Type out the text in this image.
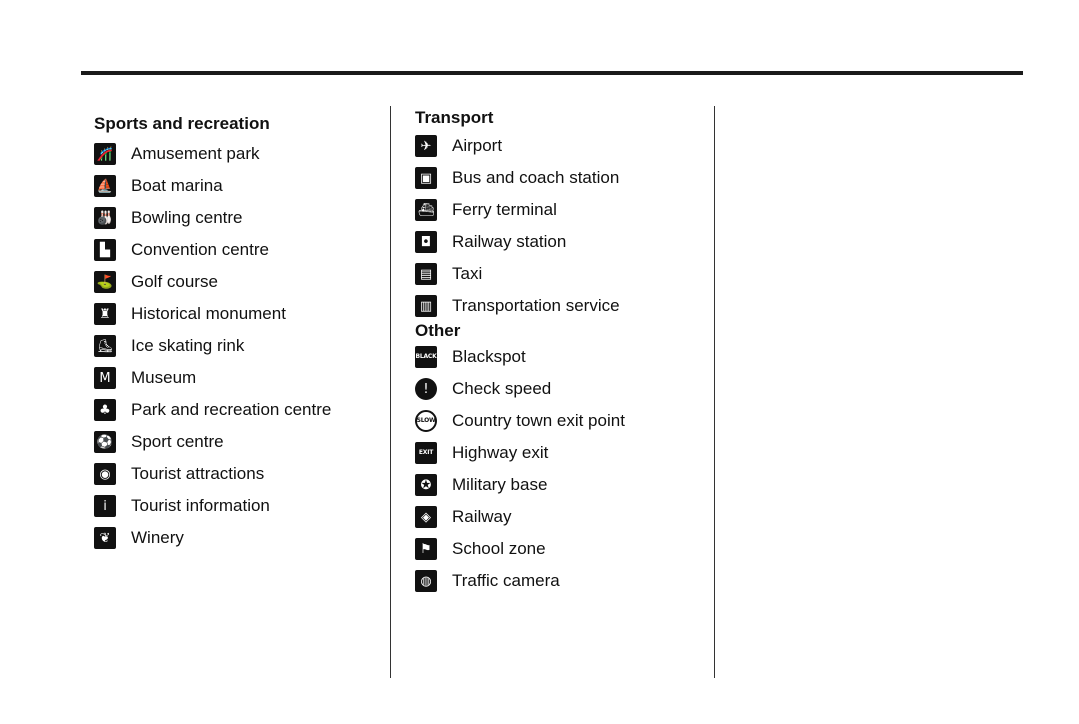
Sports and recreation
🎢 Amusement park
⛵ Boat marina
🎳 Bowling centre
▙	Convention centre
⛳ Golf course
♜	Historical monument
⛸ Ice skating rink
M	Museum
♣	Park and recreation centre
⚽ Sport centre
◉	Tourist attractions
i	Tourist information
❦	Winery
Transport
✈	Airport
▣ Bus and coach station
⛴ Ferry terminal
◘	Railway station
▤ Taxi
▥ Transportation service
Other
BLACK Blackspot
!	Check speed
SLOW Country town exit point
EXIT Highway exit
✪	Military base
◈	Railway
⚑	School zone
◍	Traffic camera
